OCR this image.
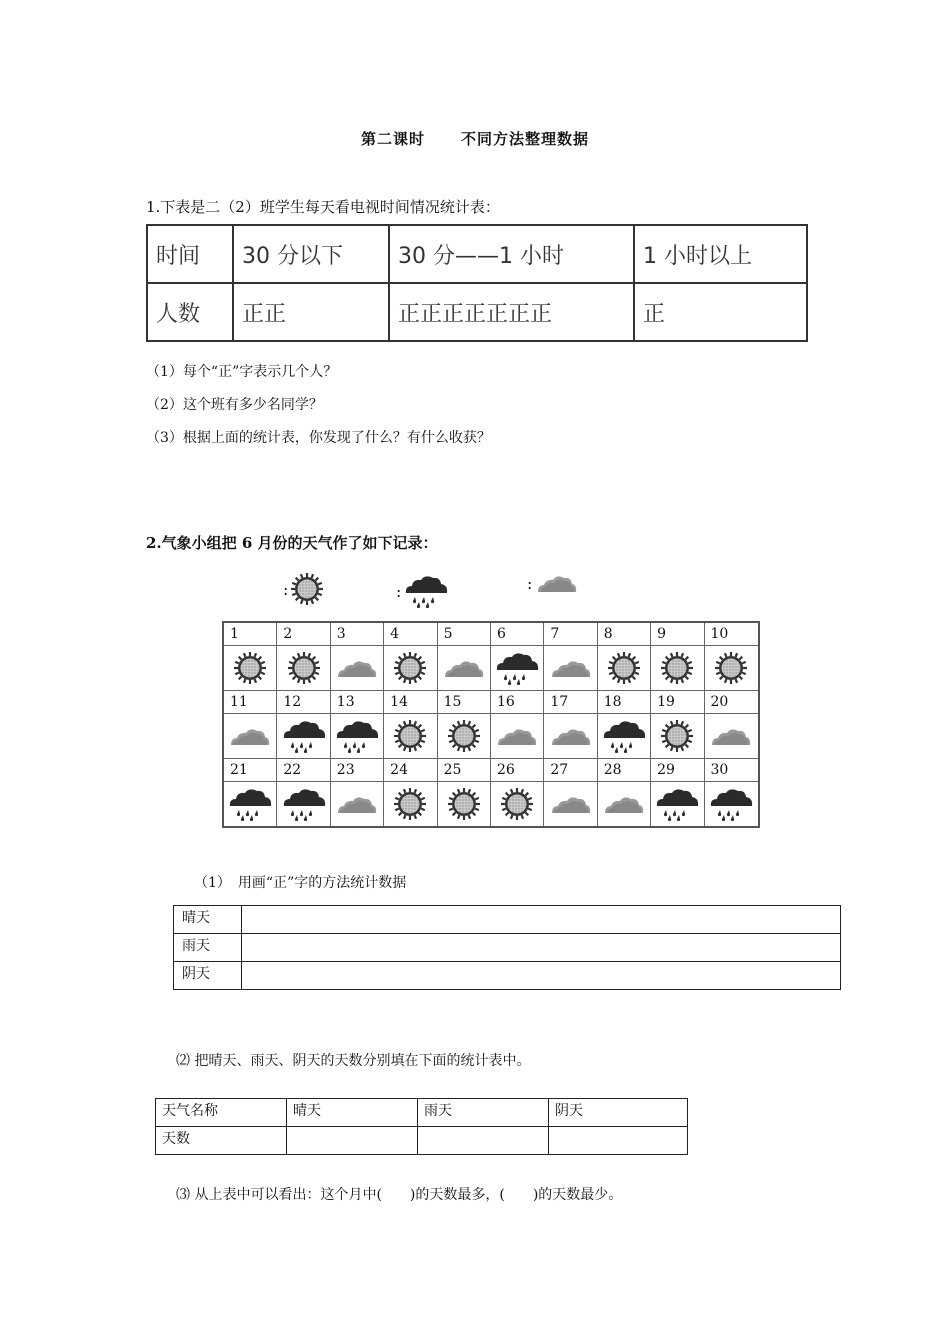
第二课时 不同方法整理数据
1.下表是二（2）班学生每天看电视时间情况统计表：
时间	30 分以下	30 分——1 小时	1 小时以上
人数	正正	正正正正正正正	正
（1）每个“正”字表示几个人？
（2）这个班有多少名同学？
（3）根据上面的统计表，你发现了什么？有什么收获？
2.气象小组把 6 月份的天气作了如下记录：
:	:	:
1	2	3	4	5	6	7	8	9	10
11	12	13	14	15	16	17	18	19	20
21	22	23	24	25	26	27	28	29	30
（1）　用画“正”字的方法统计数据
晴天	
雨天	
阴天	
⑵ 把晴天、雨天、阴天的天数分别填在下面的统计表中。
天气名称	晴天	雨天	阴天
天数			
⑶ 从上表中可以看出：这个月中(　　)的天数最多，(　　)的天数最少。
